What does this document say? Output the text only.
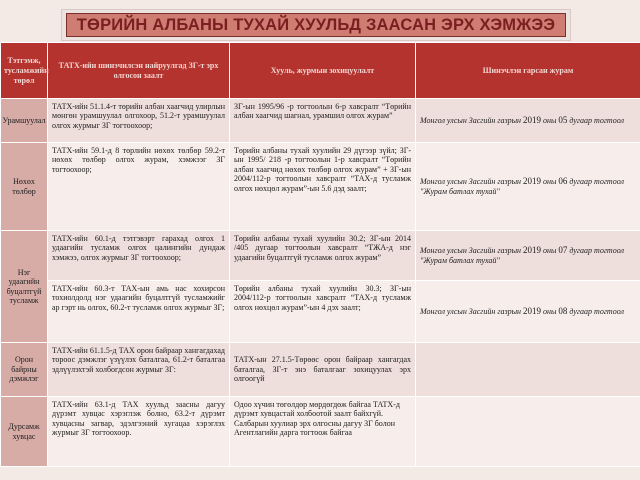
ТӨРИЙН АЛБАНЫ ТУХАЙ ХУУЛЬД ЗААСАН ЭРХ ХЭМЖЭЭ
Тэтгэмж, тусламжийн төрөл	ТАТХ-ийн шинэчилсэн найруулгад ЗГ-т эрх олгосон заалт	Хууль, журмын зохицуулалт	Шинэчлэн гарсан журам
Урамшуулал	ТАТХ-ийн 51.1.4-т төрийн албан хаагчид улирлын мөнгөн урамшуулал олгохоор, 51.2-т урамшуулал олгох журмыг ЗГ тогтоохоор;	ЗГ-ын 1995/96 -р тогтоолын 6-р хавсралт “Төрийн албан хаагчид шагнал, урамшил олгох журам”	Монгол улсын Засгийн газрын 2019 оны 05 дугаар тогтоол
Нөхөх төлбөр	ТАТХ-ийн 59.1-д 8 төрлийн нөхөх төлбөр 59.2-т нөхөх төлбөр олгох журам, хэмжээг ЗГ тогтоохоор;	Төрийн албаны тухай хуулийн 29 дүгээр зүйл; ЗГ-ын 1995/ 218 -р тогтоолын 1-р хавсралт “Төрийн албан хаагчид нөхөх төлбөр олгох журам” + ЗГ-ын 2004/112-р тогтоолын хавсралт “ТАХ-д тусламж олгох нөхцөл журам”-ын 5.6 дэд заалт;	Монгол улсын Засгийн газрын 2019 оны 06 дугаар тогтоол "Журам батлах тухай"
Нэг удаагийн буцалтгүй тусламж	ТАТХ-ийн 60.1-д тэтгэвэрт гарахад олгох 1 удаагийн тусламж олгох цалингийн дундаж хэмжээ, олгох журмыг ЗГ тогтоохоор;	Төрийн албаны тухай хуулийн 30.2; ЗГ-ын 2014 /405 дугаар тогтоолын хавсралт “ТЖА-д нэг удаагийн буцалтгүй тусламж олгох журам”	Монгол улсын Засгийн газрын 2019 оны 07 дугаар тогтоол "Журам батлах тухай"
	ТАТХ-ийн 60.3-т ТАХ-ын амь нас хохирсон тохиолдолд нэг удаагийн буцалтгүй тусламжийг ар гэрт нь олгох, 60.2-т тусламж олгох журмыг ЗГ;	Төрийн албаны тухай хуулийн 30.3; ЗГ-ын 2004/112-р тогтоолын хавсралт “ТАХ-д тусламж олгох нөхцөл журам”-ын 4 дэх заалт;	Монгол улсын Засгийн газрын 2019 оны 08 дугаар тогтоол
Орон байрны дэмжлэг	ТАТХ-ийн 61.1.5-д ТАХ орон байраар хангагдахад тороос дэмжлэг үзүүлэх баталгаа, 61.2-т баталгаа эдлүүлэхтэй холбогдсон журмыг ЗГ:	ТАТХ-ын 27.1.5-Төрөөс орон байраар хангагдах баталгаа, ЗГ-т энэ баталгааг зохицуулах эрх олгоогүй	
Дурсамж хувцас	ТАТХ-ийн 63.1-д ТАХ хуульд заасны дагуу дүрэмт хувцас хэрэглэж болно, 63.2-т дүрэмт хувцасны загвар, эдэлгээний хугацаа хэрэглэх журмыг ЗГ тогтоохоор.	Одоо хүчин төгөлдөр мөрдөгдөж байгаа ТАТХ-д дүрэмт хувцастай холбоотой заалт байхгүй. Салбарын хуулиар эрх олгосны дагуу ЗГ болон Агентлагийн дарга тогтоож байгаа	
